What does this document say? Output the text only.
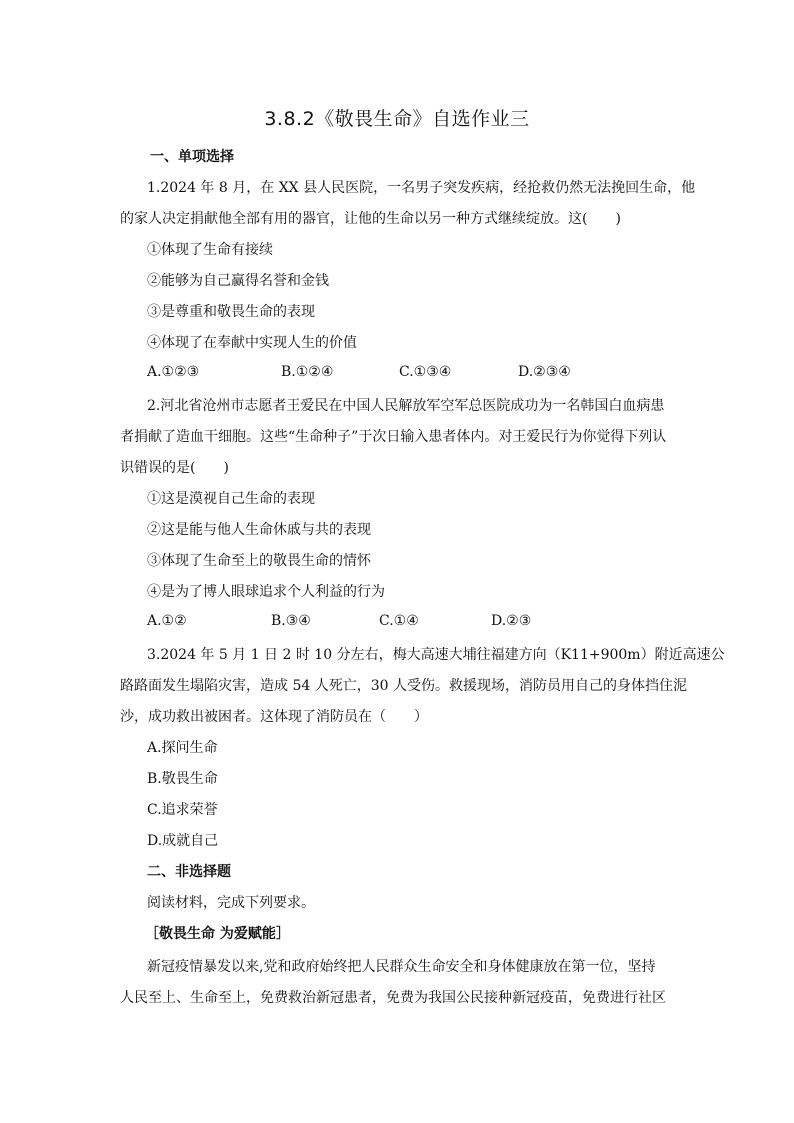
3.8.2《敬畏生命》自选作业三
一、单项选择
1.2024 年 8 月，在 XX 县人民医院，一名男子突发疾病，经抢救仍然无法挽回生命，他
的家人决定捐献他全部有用的器官，让他的生命以另一种方式继续绽放。这(　　)
①体现了生命有接续
②能够为自己赢得名誉和金钱
③是尊重和敬畏生命的表现
④体现了在奉献中实现人生的价值
A.①②③	B.①②④	C.①③④	D.②③④
2.河北省沧州市志愿者王爱民在中国人民解放军空军总医院成功为一名韩国白血病患
者捐献了造血干细胞。这些“生命种子”于次日输入患者体内。对王爱民行为你觉得下列认
识错误的是(　　)
①这是漠视自己生命的表现
②这是能与他人生命休戚与共的表现
③体现了生命至上的敬畏生命的情怀
④是为了博人眼球追求个人利益的行为
A.①②	B.③④	C.①④	D.②③
3.2024 年 5 月 1 日 2 时 10 分左右，梅大高速大埔往福建方向（K11+900m）附近高速公
路路面发生塌陷灾害，造成 54 人死亡，30 人受伤。救援现场，消防员用自己的身体挡住泥
沙，成功救出被困者。这体现了消防员在（　　）
A.探问生命
B.敬畏生命
C.追求荣誉
D.成就自己
二、非选择题
阅读材料，完成下列要求。
［敬畏生命 为爱赋能］
新冠疫情暴发以来,党和政府始终把人民群众生命安全和身体健康放在第一位，坚持
人民至上、生命至上，免费救治新冠患者，免费为我国公民接种新冠疫苗，免费进行社区
